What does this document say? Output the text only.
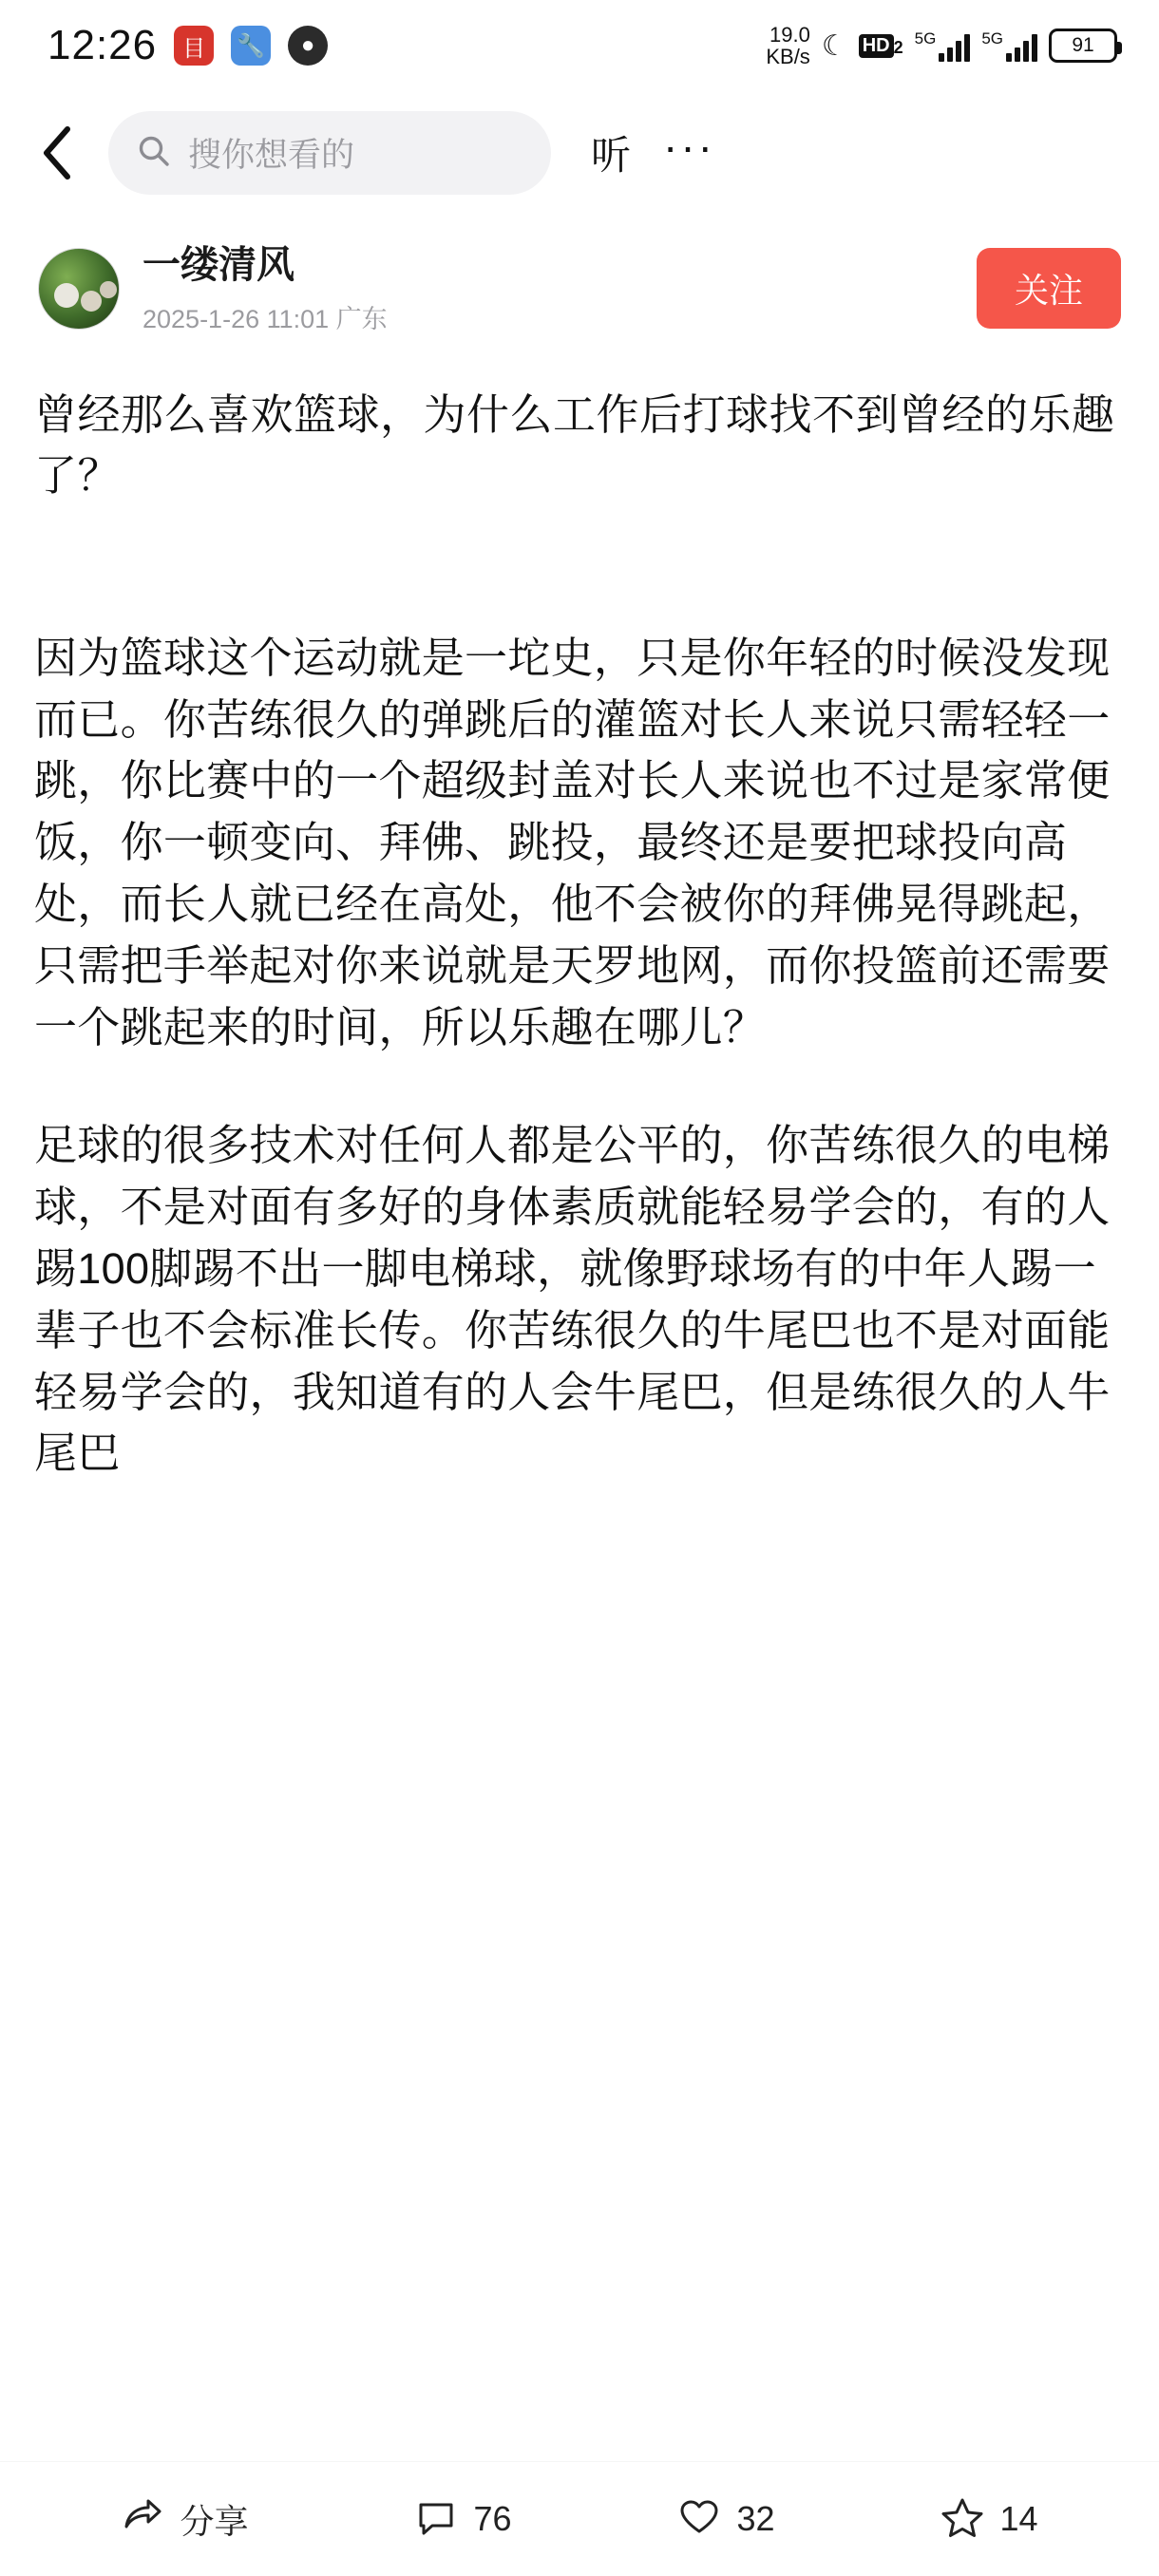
12:26	目	🔧	●	19.0
KB/s ☾ HD 2 5G	5G	91
搜你想看的	听 ···
一缕清风
2025-1-26 11:01 广东
关注
曾经那么喜欢篮球，为什么工作后打球找不到曾经的乐趣了？
因为篮球这个运动就是一坨史，只是你年轻的时候没发现而已。你苦练很久的弹跳后的灌篮对长人来说只需轻轻一跳，你比赛中的一个超级封盖对长人来说也不过是家常便饭，你一顿变向、拜佛、跳投，最终还是要把球投向高处，而长人就已经在高处，他不会被你的拜佛晃得跳起，只需把手举起对你来说就是天罗地网，而你投篮前还需要一个跳起来的时间，所以乐趣在哪儿？
足球的很多技术对任何人都是公平的，你苦练很久的电梯球，不是对面有多好的身体素质就能轻易学会的，有的人踢100脚踢不出一脚电梯球，就像野球场有的中年人踢一辈子也不会标准长传。你苦练很久的牛尾巴也不是对面能轻易学会的，我知道有的人会牛尾巴，但是练很久的人牛尾巴
分享	76	32	14
